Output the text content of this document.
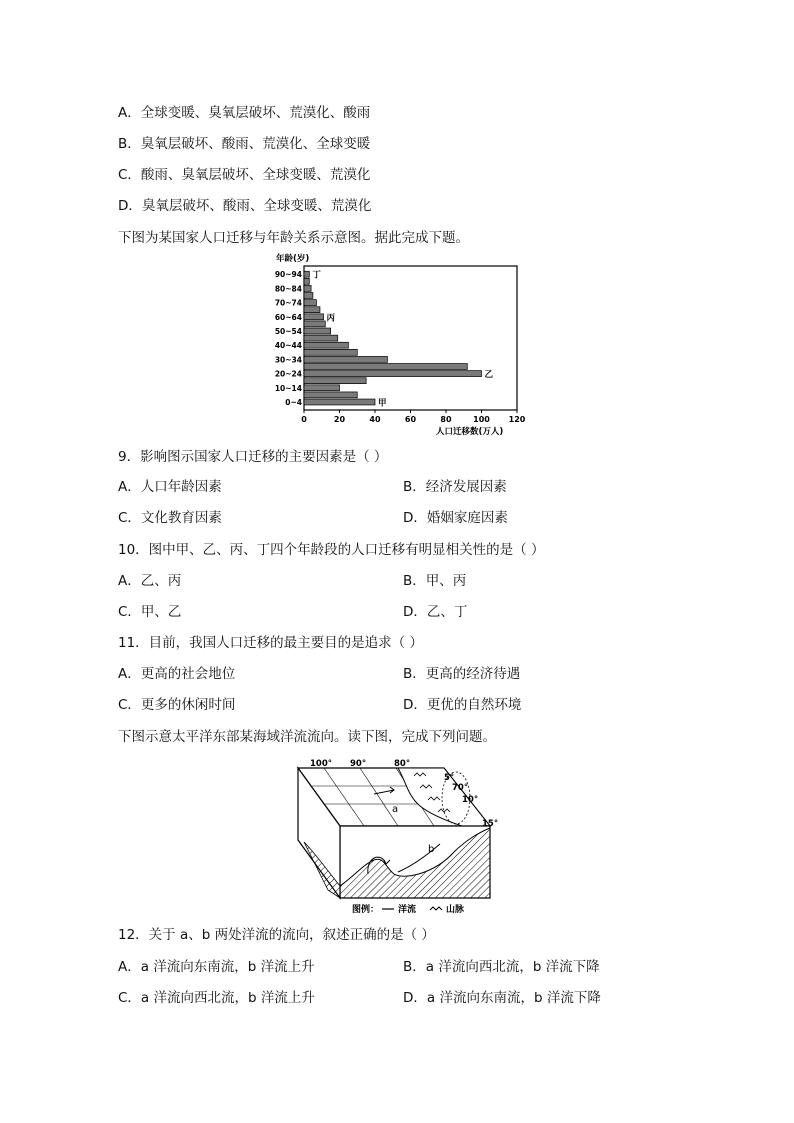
A．全球变暖、臭氧层破坏、荒漠化、酸雨
B．臭氧层破坏、酸雨、荒漠化、全球变暖
C．酸雨、臭氧层破坏、全球变暖、荒漠化
D．臭氧层破坏、酸雨、全球变暖、荒漠化
下图为某国家人口迁移与年龄关系示意图。据此完成下题。
年龄(岁)
0~4
10~14
20~24
30~34
40~44
50~54
60~64
70~74
80~84
90~94
0	20	40	60	80	100 120
甲
乙
丙
丁
人口迁移数(万人)
9．影响图示国家人口迁移的主要因素是（ ）
A．人口年龄因素	B．经济发展因素
C．文化教育因素	D．婚姻家庭因素
10．图中甲、乙、丙、丁四个年龄段的人口迁移有明显相关性的是（ ）
A．乙、丙	B．甲、丙
C．甲、乙	D．乙、丁
11．目前，我国人口迁移的最主要目的是追求（ ）
A．更高的社会地位	B．更高的经济待遇
C．更多的休闲时间	D．更优的自然环境
下图示意太平洋东部某海域洋流流向。读下图，完成下列问题。
100° 90°	80°
5°
70°
10°
15°
a
b
图例： 洋流	山脉
12．关于 a、b 两处洋流的流向，叙述正确的是（ ）
A．a 洋流向东南流，b 洋流上升	B．a 洋流向西北流，b 洋流下降
C．a 洋流向西北流，b 洋流上升	D．a 洋流向东南流，b 洋流下降
